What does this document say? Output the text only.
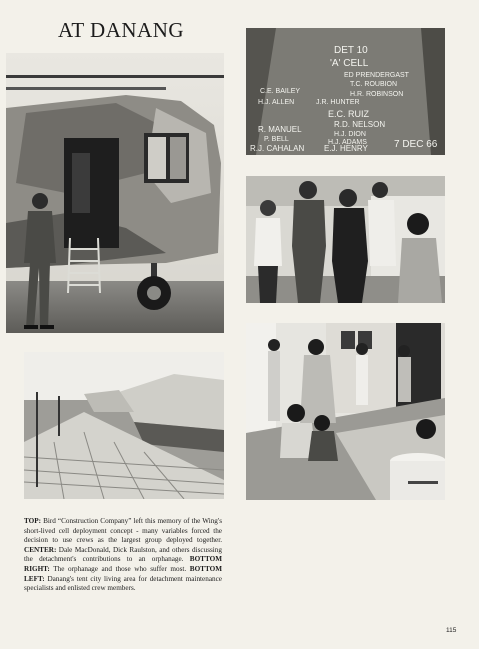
AT DANANG
DET 10
'A' CELL
ED PRENDERGAST
T.C. ROUBION
C.E. BAILEY	H.R. ROBINSON
H.J. ALLEN	J.R. HUNTER
E.C. RUIZ
R.D. NELSON
R. MANUEL
H.J. DION
P. BELL	H.J. ADAMS
R.J. CAHALAN E.J. HENRY	7 DEC 66
TOP: Bird “Construction Company” left this memory of the Wing's short-lived cell deployment concept - many variables forced the decision to use crews as the largest group deployed together. CENTER: Dale MacDonald, Dick Raulston, and others discussing the detachment's contributions to an orphanage. BOTTOM RIGHT: The orphanage and those who suffer most. BOTTOM LEFT: Danang's tent city living area for detachment maintenance specialists and enlisted crew members.
115
